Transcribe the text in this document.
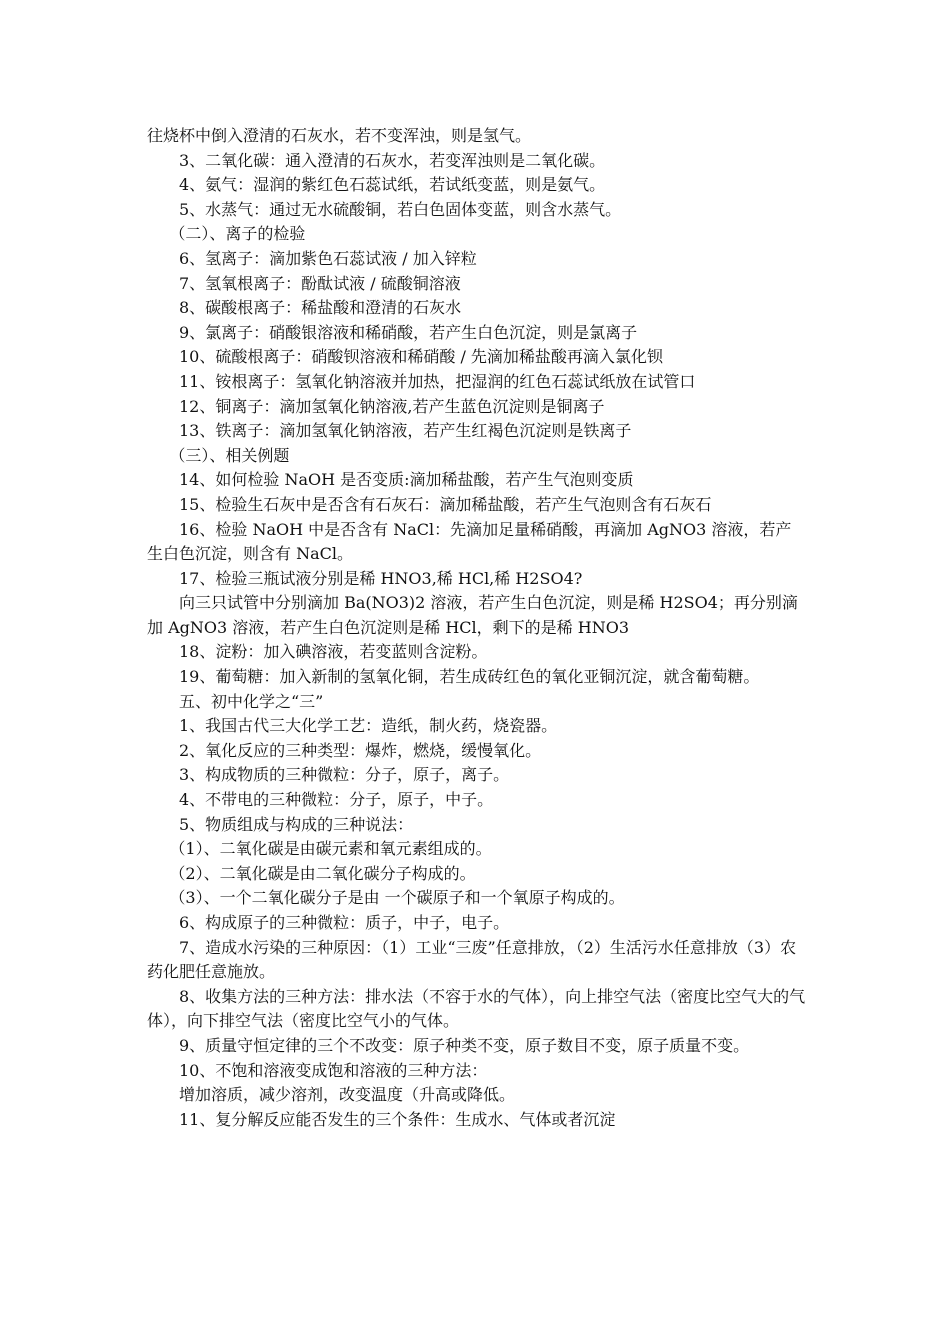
往烧杯中倒入澄清的石灰水，若不变浑浊，则是氢气。

3、二氧化碳：通入澄清的石灰水，若变浑浊则是二氧化碳。

4、氨气：湿润的紫红色石蕊试纸，若试纸变蓝，则是氨气。

5、水蒸气：通过无水硫酸铜，若白色固体变蓝，则含水蒸气。

（二）、离子的检验

6、氢离子：滴加紫色石蕊试液 / 加入锌粒

7、氢氧根离子：酚酞试液 / 硫酸铜溶液

8、碳酸根离子：稀盐酸和澄清的石灰水

9、氯离子：硝酸银溶液和稀硝酸，若产生白色沉淀，则是氯离子

10、硫酸根离子：硝酸钡溶液和稀硝酸 / 先滴加稀盐酸再滴入氯化钡

11、铵根离子：氢氧化钠溶液并加热，把湿润的红色石蕊试纸放在试管口

12、铜离子：滴加氢氧化钠溶液,若产生蓝色沉淀则是铜离子

13、铁离子：滴加氢氧化钠溶液，若产生红褐色沉淀则是铁离子

（三）、相关例题

14、如何检验 NaOH 是否变质:滴加稀盐酸，若产生气泡则变质

15、检验生石灰中是否含有石灰石：滴加稀盐酸，若产生气泡则含有石灰石

16、检验 NaOH 中是否含有 NaCl：先滴加足量稀硝酸，再滴加 AgNO3 溶液，若产生白色沉淀，则含有 NaCl。

17、检验三瓶试液分别是稀 HNO3,稀 HCl,稀 H2SO4?

向三只试管中分别滴加 Ba(NO3)2 溶液，若产生白色沉淀，则是稀 H2SO4；再分别滴加 AgNO3 溶液，若产生白色沉淀则是稀 HCl，剩下的是稀 HNO3

18、淀粉：加入碘溶液，若变蓝则含淀粉。

19、葡萄糖：加入新制的氢氧化铜，若生成砖红色的氧化亚铜沉淀，就含葡萄糖。

五、初中化学之“三”

1、我国古代三大化学工艺：造纸，制火药，烧瓷器。

2、氧化反应的三种类型：爆炸，燃烧，缓慢氧化。

3、构成物质的三种微粒：分子，原子，离子。

4、不带电的三种微粒：分子，原子，中子。

5、物质组成与构成的三种说法：

（1）、二氧化碳是由碳元素和氧元素组成的。

（2）、二氧化碳是由二氧化碳分子构成的。

（3）、一个二氧化碳分子是由 一个碳原子和一个氧原子构成的。

6、构成原子的三种微粒：质子，中子，电子。

7、造成水污染的三种原因：（1）工业“三废”任意排放，（2）生活污水任意排放（3）农药化肥任意施放。

8、收集方法的三种方法：排水法（不容于水的气体），向上排空气法（密度比空气大的气体），向下排空气法（密度比空气小的气体。

9、质量守恒定律的三个不改变：原子种类不变，原子数目不变，原子质量不变。

10、不饱和溶液变成饱和溶液的三种方法：

增加溶质，减少溶剂，改变温度（升高或降低。

11、复分解反应能否发生的三个条件：生成水、气体或者沉淀
